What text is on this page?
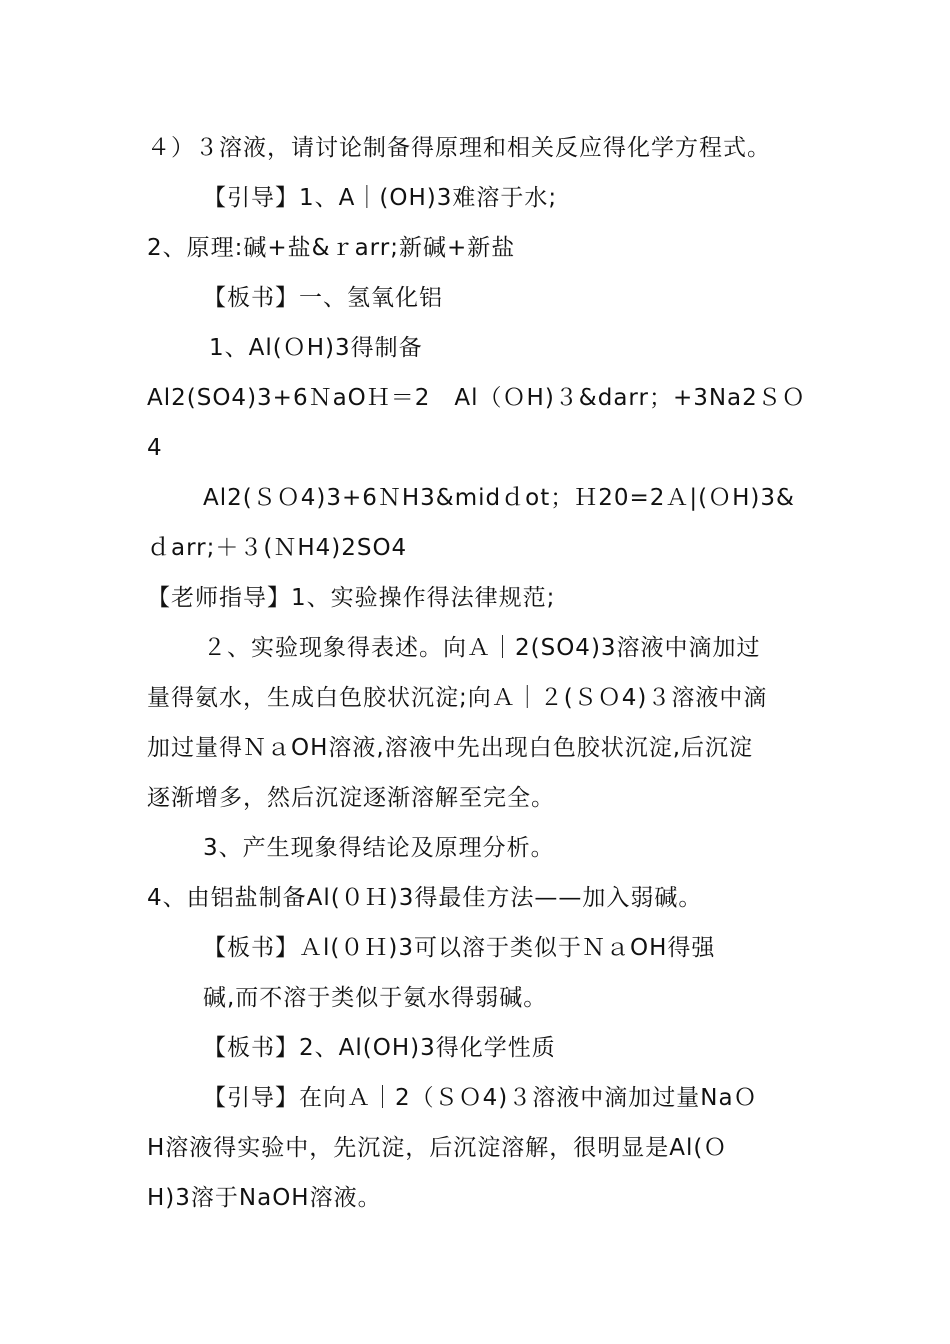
４）３溶液，请讨论制备得原理和相关反应得化学方程式。
【引导】1、A｜(OH)3难溶于水;
2、原理:碱+盐&ｒarr;新碱+新盐
【板书】一、氢氧化铝
1、Al(ＯH)3得制备
Al2(SO4)3+6ＮaOＨ＝2　Al（ＯH)３&darr；+3Na2ＳＯ
4
Al2(ＳＯ4)3+6ＮH3&midｄot；Ｈ20=2Ａ|(ＯH)3&
ｄarr;＋３(ＮH4)2SO4
【老师指导】1、实验操作得法律规范;
２、实验现象得表述。向Ａ｜2(SO4)3溶液中滴加过
量得氨水，生成白色胶状沉淀;向Ａ｜２(ＳＯ4)３溶液中滴
加过量得ＮａOH溶液,溶液中先出现白色胶状沉淀,后沉淀
逐渐增多，然后沉淀逐渐溶解至完全。
3、产生现象得结论及原理分析。
4、由铝盐制备Al(０Ｈ)3得最佳方法——加入弱碱。
【板书】Ａl(０Ｈ)3可以溶于类似于ＮａOH得强
碱,而不溶于类似于氨水得弱碱。
【板书】2、Al(OH)3得化学性质
【引导】在向Ａ｜2（ＳＯ4)３溶液中滴加过量NaＯ
H溶液得实验中，先沉淀，后沉淀溶解，很明显是Al(Ｏ
H)3溶于NaOH溶液。
